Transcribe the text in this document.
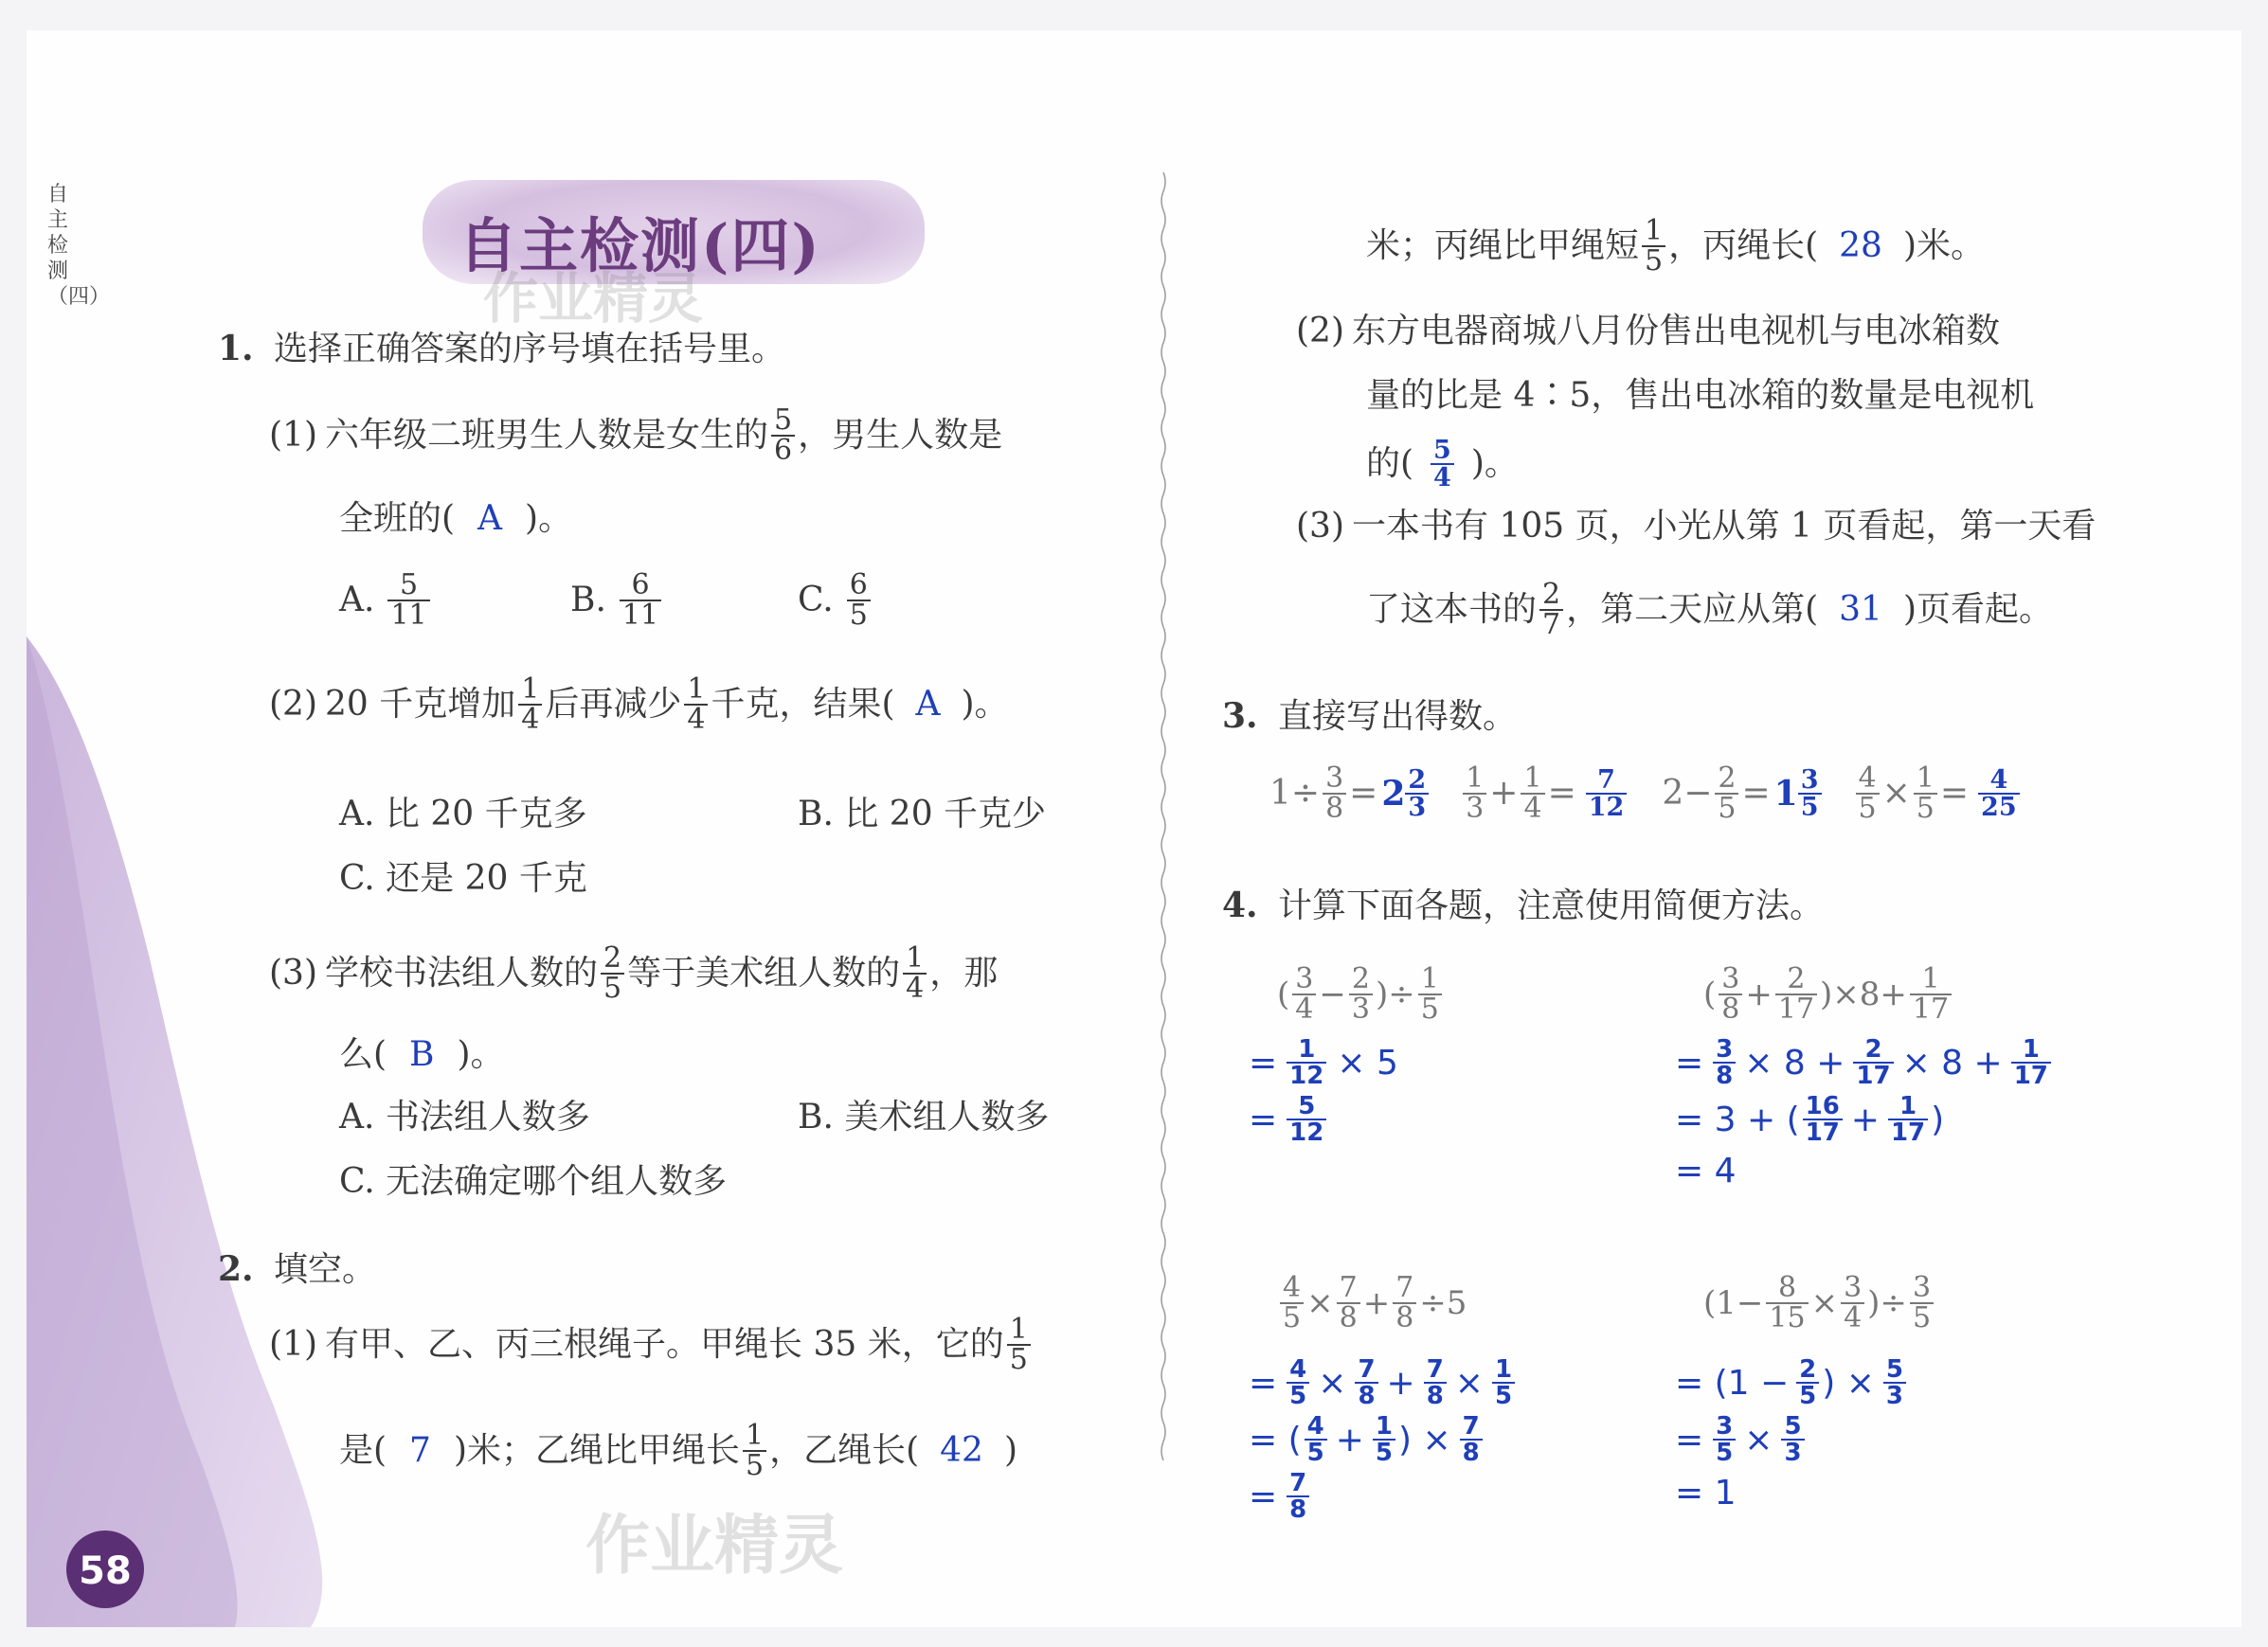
自主检测（四）
自主检测(四)
作业精灵
作业精灵
58
1. 选择正确答案的序号填在括号里。
(1) 六年级二班男生人数是女生的 $\frac{5}{6}$ ，男生人数是
全班的( A )。
A. $\frac{5}{11}$	B. $\frac{6}{11}$	C. $\frac{6}{5}$
(2) 20 千克增加 $\frac{1}{4}$ 后再减少 $\frac{1}{4}$ 千克，结果( A )。
A. 比 20 千克多	B. 比 20 千克少
C. 还是 20 千克
(3) 学校书法组人数的 $\frac{2}{5}$ 等于美术组人数的 $\frac{1}{4}$ ，那
么( B )。
A. 书法组人数多	B. 美术组人数多
C. 无法确定哪个组人数多
2. 填空。
(1) 有甲、乙、丙三根绳子。甲绳长 35 米，它的 $\frac{1}{5}$
是( 7 )米；乙绳比甲绳长 $\frac{1}{5}$ ，乙绳长( 42 )
米；丙绳比甲绳短 $\frac{1}{5}$ ，丙绳长( 28 )米。
(2) 东方电器商城八月份售出电视机与电冰箱数
量的比是 4∶5，售出电冰箱的数量是电视机
的( $\frac{5}{4}$ )。
(3) 一本书有 105 页，小光从第 1 页看起，第一天看
了这本书的 $\frac{2}{7}$ ，第二天应从第( 31 )页看起。
3. 直接写出得数。
$1\div \frac{3}{8} = 2 \frac{2}{3} \frac{1}{3} + \frac{1}{4} = \frac{7}{12} 2- \frac{2}{5} = 1 \frac{3}{5} \frac{4}{5} \times \frac{1}{5} = \frac{4}{25}$
4. 计算下面各题，注意使用简便方法。
( $\frac{3}{4} - \frac{2}{3}$ )÷ $\frac{1}{5}$
= $\frac{1}{12} \times 5$
= $\frac{5}{12}$
( $\frac{3}{8} + \frac{2}{17} )\times 8+ \frac{1}{17}$
= $\frac{3}{8} \times 8 + \frac{2}{17} \times 8 + \frac{1}{17}$
= 3 + ( $\frac{16}{17} + \frac{1}{17}$ )
= 4
$\frac{4}{5} \times \frac{7}{8} + \frac{7}{8} \div 5$
= $\frac{4}{5} \times \frac{7}{8} + \frac{7}{8} \times \frac{1}{5}$
= ( $\frac{4}{5} + \frac{1}{5}$ ) × $\frac{7}{8}$
= $\frac{7}{8}$
($1- \frac{8}{15} \times \frac{3}{4}$ )÷ $\frac{3}{5}$
= ($1 - \frac{2}{5}$ ) × $\frac{5}{3}$
= $\frac{3}{5} \times \frac{5}{3}$
= 1
